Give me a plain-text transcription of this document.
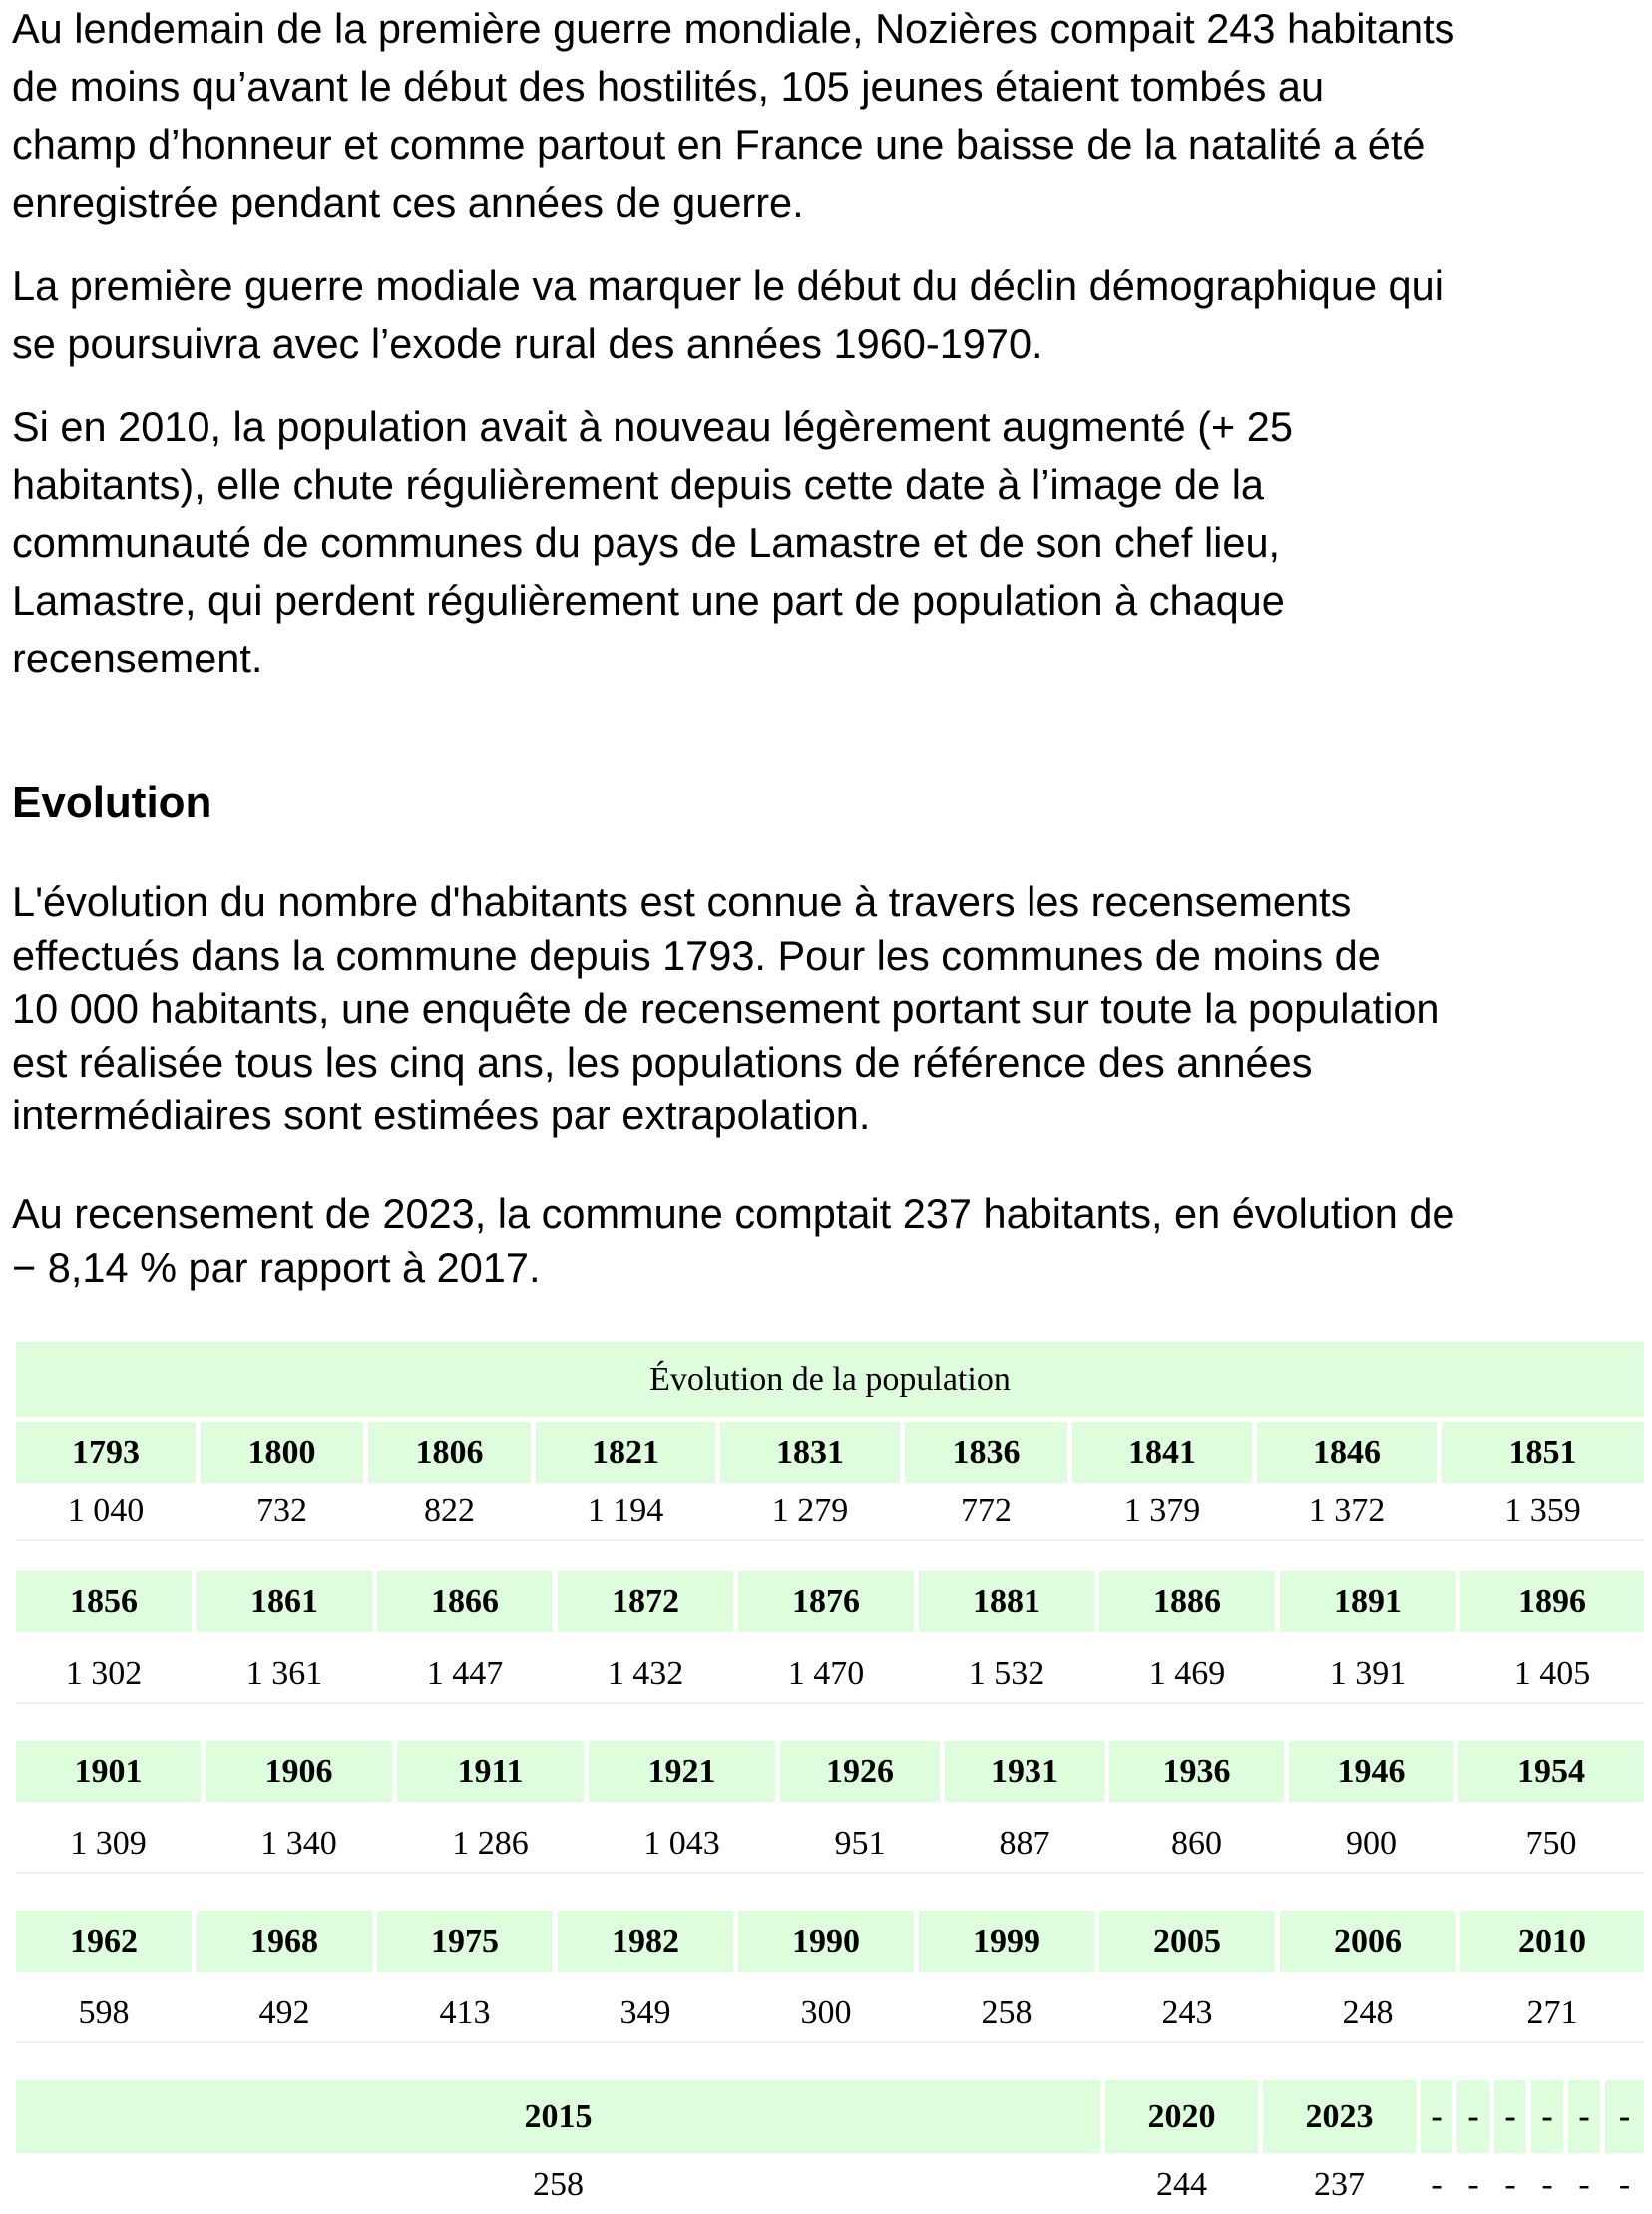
Au lendemain de la première guerre mondiale, Nozières compait 243 habitants
de moins qu’avant le début des hostilités, 105 jeunes étaient tombés au
champ d’honneur et comme partout en France une baisse de la natalité a été
enregistrée pendant ces années de guerre.

La première guerre modiale va marquer le début du déclin démographique qui
se poursuivra avec l’exode rural des années 1960-1970.

Si en 2010, la population avait à nouveau légèrement augmenté (+ 25
habitants), elle chute régulièrement depuis cette date à l’image de la
communauté de communes du pays de Lamastre et de son chef lieu,
Lamastre, qui perdent régulièrement une part de population à chaque
recensement.

Evolution

L'évolution du nombre d'habitants est connue à travers les recensements
effectués dans la commune depuis 1793. Pour les communes de moins de
10 000 habitants, une enquête de recensement portant sur toute la population
est réalisée tous les cinq ans, les populations de référence des années
intermédiaires sont estimées par extrapolation.

Au recensement de 2023, la commune comptait 237 habitants, en évolution de
− 8,14 % par rapport à 2017.

Évolution de la population
1793	1800	1806	1821	1831	1836	1841	1846	1851
1 040	732	822	1 194	1 279	772	1 379	1 372	1 359
1856	1861	1866	1872	1876	1881	1886	1891	1896
1 302	1 361	1 447	1 432	1 470	1 532	1 469	1 391	1 405
1901	1906	1911	1921	1926	1931	1936	1946	1954
1 309	1 340	1 286	1 043	951	887	860	900	750
1962	1968	1975	1982	1990	1999	2005	2006	2010
598	492	413	349	300	258	243	248	271
2015	2020	2023	- - - - - -
258	244	237	- - - - - -
